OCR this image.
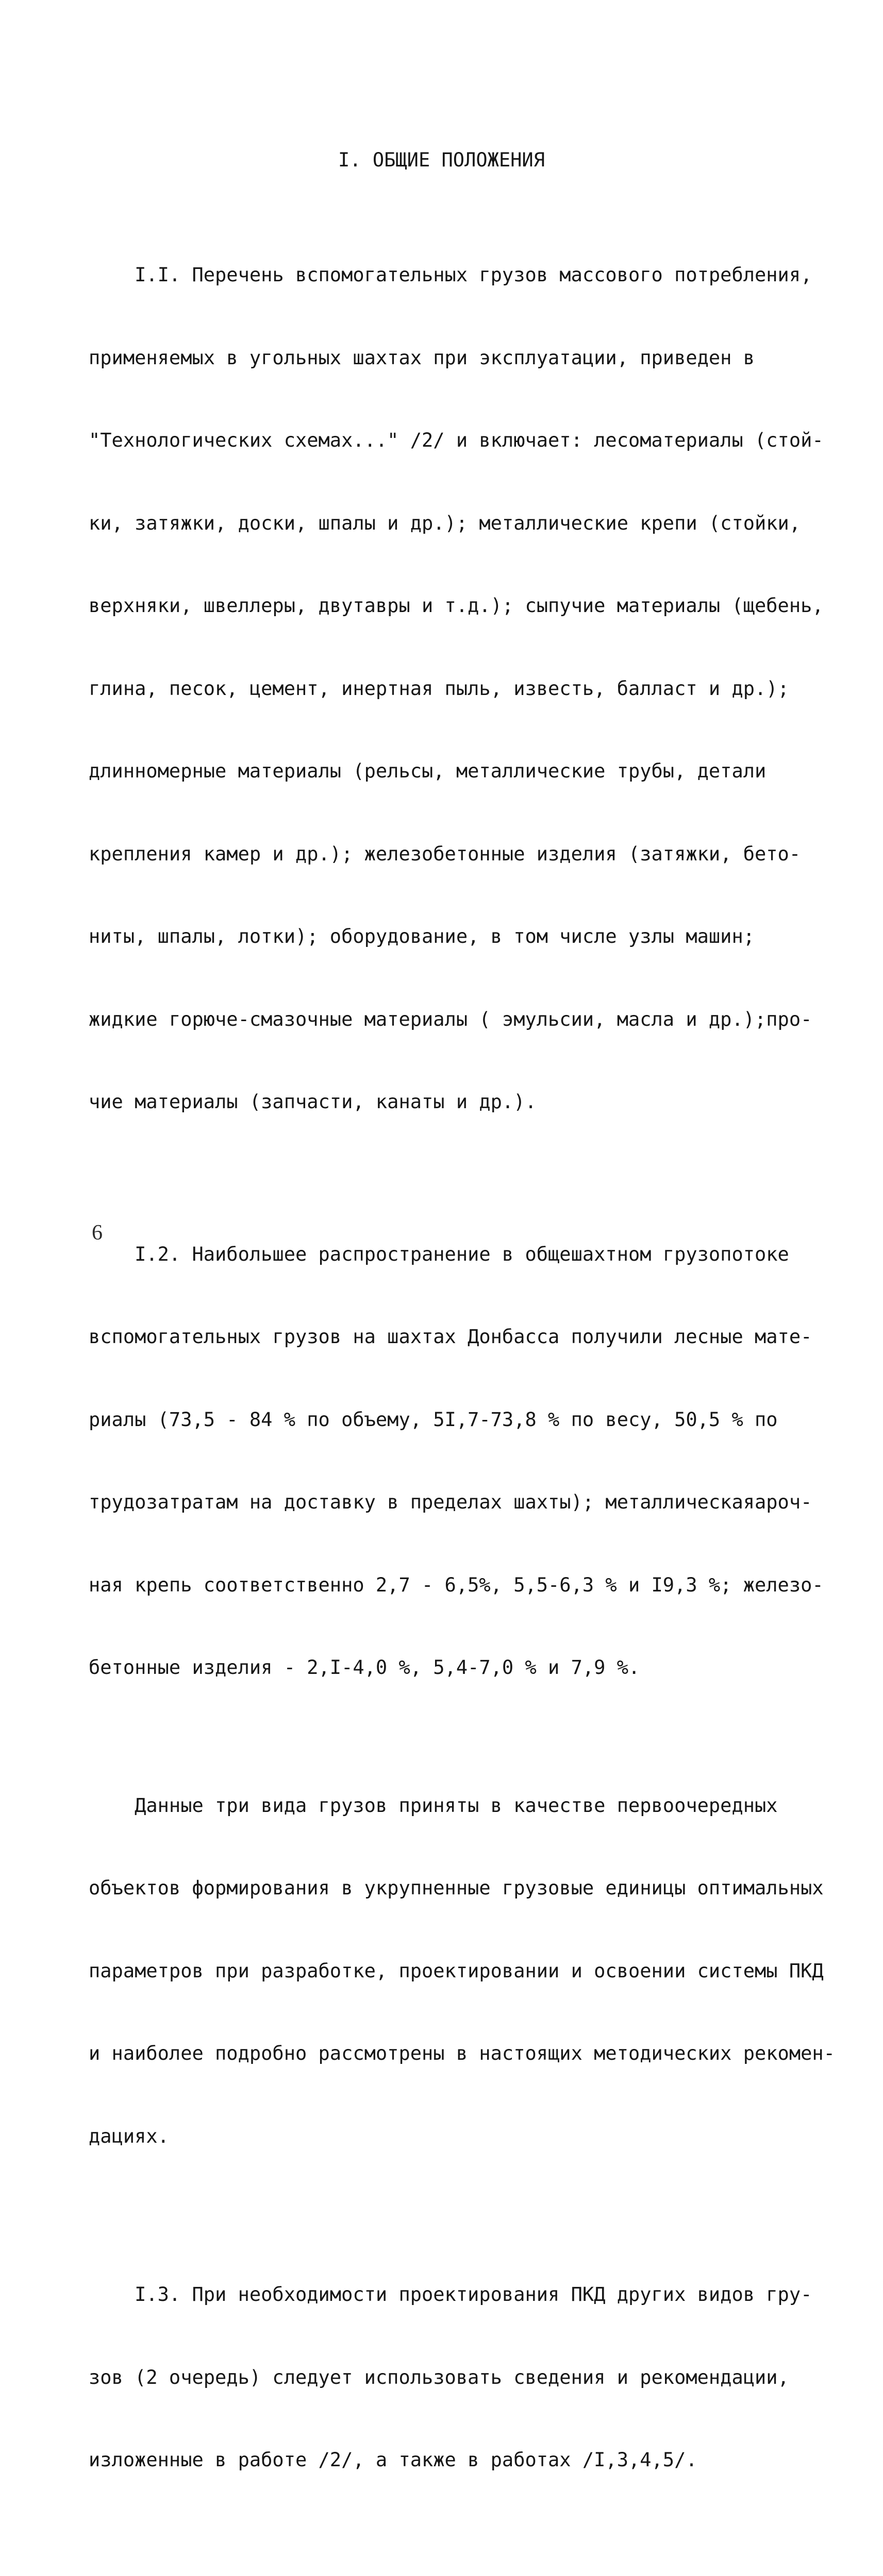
I. ОБЩИЕ ПОЛОЖЕНИЯ

I.I. Перечень вспомогательных грузов массового потребления,

применяемых в угольных шахтах при эксплуатации, приведен в

"Технологических схемах..." /2/ и включает: лесоматериалы (стой-

ки, затяжки, доски, шпалы и др.); металлические крепи (стойки,

верхняки, швеллеры, двутавры и т.д.); сыпучие материалы (щебень,

глина, песок, цемент, инертная пыль, известь, балласт и др.);

длинномерные материалы (рельсы, металлические трубы, детали

крепления камер и др.); железобетонные изделия (затяжки, бето-

ниты, шпалы, лотки); оборудование, в том числе узлы машин;

жидкие горюче-смазочные материалы ( эмульсии, масла и др.);про-

чие материалы (запчасти, канаты и др.).

I.2. Наибольшее распространение в общешахтном грузопотоке

вспомогательных грузов на шахтах Донбасса получили лесные мате-

риалы (73,5 - 84 % по объему, 5I,7-73,8 % по весу, 50,5 % по

трудозатратам на доставку в пределах шахты); металлическаяароч-

ная крепь соответственно 2,7 - 6,5%, 5,5-6,3 % и I9,3 %; железо-

бетонные изделия - 2,I-4,0 %, 5,4-7,0 % и 7,9 %.

Данные три вида грузов приняты в качестве первоочередных

объектов формирования в укрупненные грузовые единицы оптимальных

параметров при разработке, проектировании и освоении системы ПКД

и наиболее подробно рассмотрены в настоящих методических рекомен-

дациях.

I.3. При необходимости проектирования ПКД других видов гру-

зов (2 очередь) следует использовать сведения и рекомендации,

изложенные в работе /2/, а также в работах /I,3,4,5/.

6
